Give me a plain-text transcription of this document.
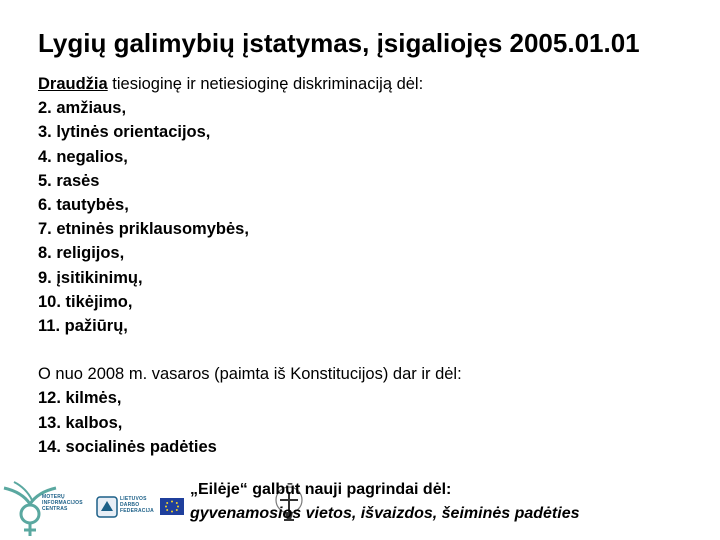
Lygių galimybių įstatymas, įsigaliojęs 2005.01.01
Draudžia tiesioginę ir netiesioginę diskriminaciją dėl:
2. amžiaus,
3. lytinės orientacijos,
4. negalios,
5. rasės
6. tautybės,
7. etninės priklausomybės,
8. religijos,
9. įsitikinimų,
10. tikėjimo,
11. pažiūrų,
O nuo 2008 m. vasaros (paimta iš Konstitucijos) dar ir dėl:
12. kilmės,
13. kalbos,
14. socialinės padėties
MOTERŲ
INFORMACIJOS
CENTRAS
LIETUVOS
DARBO
FEDERACIJA
„Eilėje“ galbūt nauji pagrindai dėl:
gyvenamosios vietos, išvaizdos, šeiminės padėties
